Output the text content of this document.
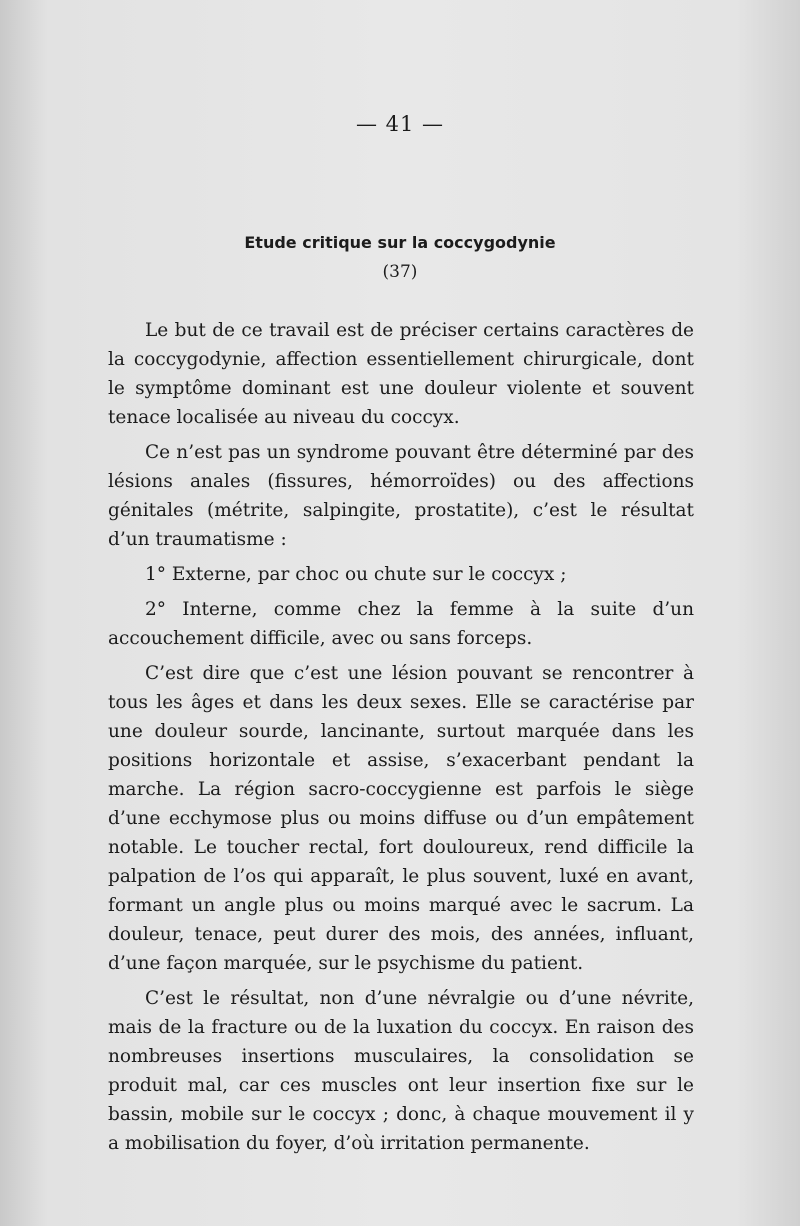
— 41 —
Etude critique sur la coccygodynie
(37)

Le but de ce travail est de préciser certains caractères de la coccygodynie, affection essentiellement chirurgicale, dont le symptôme dominant est une douleur violente et souvent tenace localisée au niveau du coccyx.

Ce n’est pas un syndrome pouvant être déterminé par des lésions anales (fissures, hémorroïdes) ou des affections génitales (métrite, salpingite, prostatite), c’est le résultat d’un traumatisme :

1° Externe, par choc ou chute sur le coccyx ;

2° Interne, comme chez la femme à la suite d’un accouchement difficile, avec ou sans forceps.

C’est dire que c’est une lésion pouvant se rencontrer à tous les âges et dans les deux sexes. Elle se caractérise par une douleur sourde, lancinante, surtout marquée dans les positions horizontale et assise, s’exacerbant pendant la marche. La région sacro-coccygienne est parfois le siège d’une ecchymose plus ou moins diffuse ou d’un empâtement notable. Le toucher rectal, fort douloureux, rend difficile la palpation de l’os qui apparaît, le plus souvent, luxé en avant, formant un angle plus ou moins marqué avec le sacrum. La douleur, tenace, peut durer des mois, des années, influant, d’une façon marquée, sur le psychisme du patient.

C’est le résultat, non d’une névralgie ou d’une névrite, mais de la fracture ou de la luxation du coccyx. En raison des nombreuses insertions musculaires, la consolidation se produit mal, car ces muscles ont leur insertion fixe sur le bassin, mobile sur le coccyx ; donc, à chaque mouvement il y a mobilisation du foyer, d’où irritation permanente.
